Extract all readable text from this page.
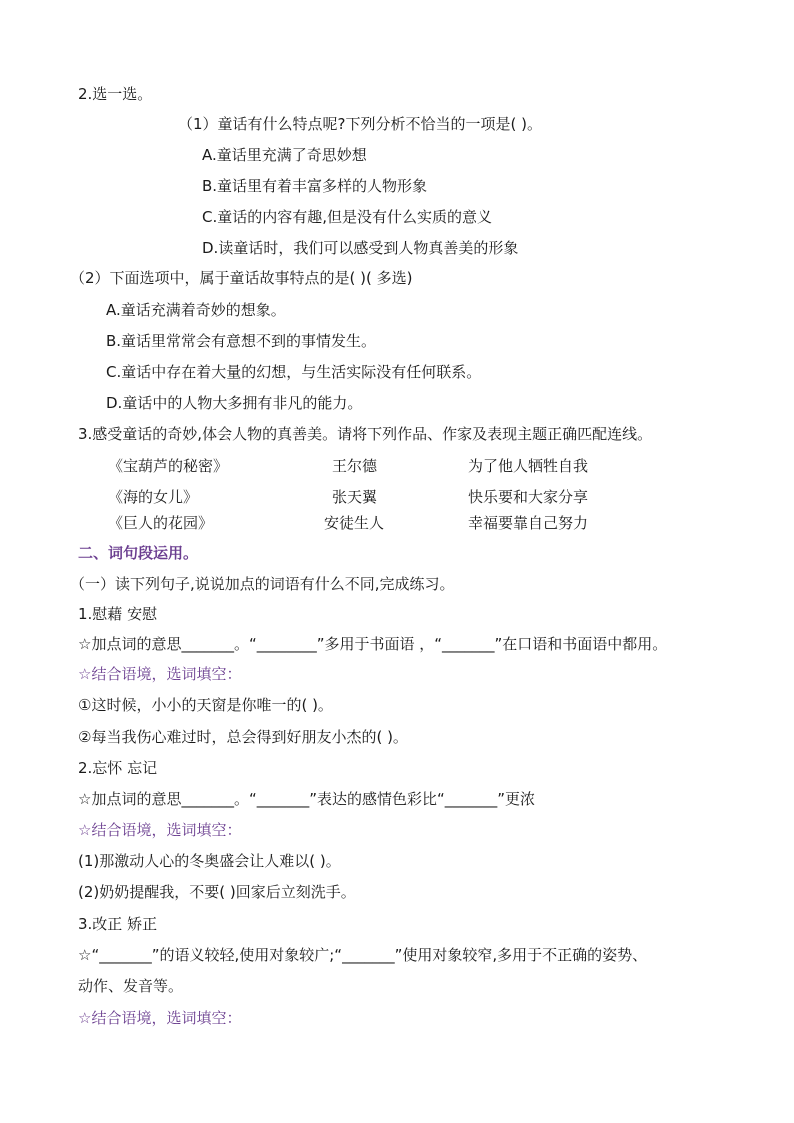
2.选一选。
（1）童话有什么特点呢?下列分析不恰当的一项是( )。
A.童话里充满了奇思妙想
B.童话里有着丰富多样的人物形象
C.童话的内容有趣,但是没有什么实质的意义
D.读童话时，我们可以感受到人物真善美的形象
（2）下面选项中，属于童话故事特点的是( )( 多选)
A.童话充满着奇妙的想象。
B.童话里常常会有意想不到的事情发生。
C.童话中存在着大量的幻想，与生活实际没有任何联系。
D.童话中的人物大多拥有非凡的能力。
3.感受童话的奇妙,体会人物的真善美。请将下列作品、作家及表现主题正确匹配连线。
《宝葫芦的秘密》	王尔德	为了他人牺牲自我
《海的女儿》	张天翼	快乐要和大家分享
《巨人的花园》	安徒生人	幸福要靠自己努力
二、词句段运用。
（一）读下列句子,说说加点的词语有什么不同,完成练习。
1.慰藉 安慰
☆加点词的意思_______。“________”多用于书面语 ，“_______”在口语和书面语中都用。
☆结合语境，选词填空：
①这时候，小小的天窗是你唯一的( )。
②每当我伤心难过时，总会得到好朋友小杰的( )。
2.忘怀 忘记
☆加点词的意思_______。“_______”表达的感情色彩比“_______”更浓
☆结合语境，选词填空：
(1)那激动人心的冬奥盛会让人难以( )。
(2)奶奶提醒我，不要( )回家后立刻洗手。
3.改正 矫正
☆“_______”的语义较轻,使用对象较广;“_______”使用对象较窄,多用于不正确的姿势、
动作、发音等。
☆结合语境，选词填空：
